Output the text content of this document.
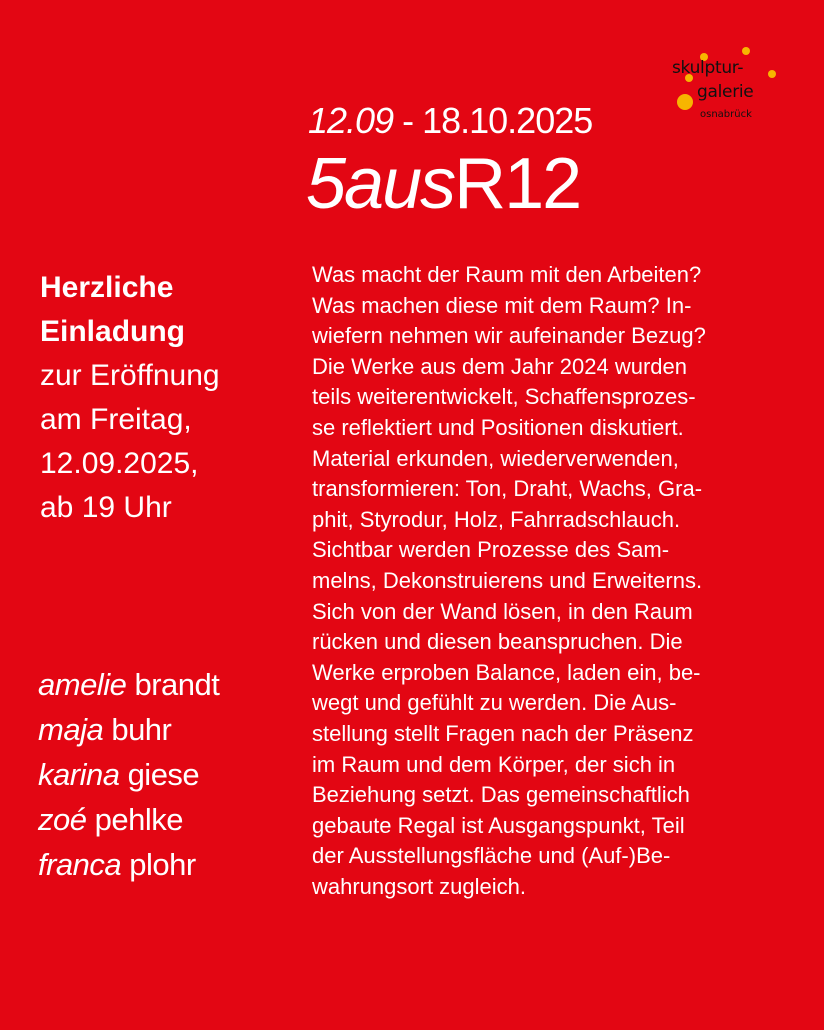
skulptur-
galerie
osnabrück
12.09 - 18.10.2025
5ausR12
Herzliche
Einladung
zur Eröffnung
am Freitag,
12.09.2025,
ab 19 Uhr
amelie brandt
maja buhr
karina giese
zoé pehlke
franca plohr
Was macht der Raum mit den Arbeiten?
Was machen diese mit dem Raum? In-
wiefern nehmen wir aufeinander Bezug?
Die Werke aus dem Jahr 2024 wurden
teils weiterentwickelt, Schaffensprozes-
se reflektiert und Positionen diskutiert.
Material erkunden, wiederverwenden,
transformieren: Ton, Draht, Wachs, Gra-
phit, Styrodur, Holz, Fahrradschlauch.
Sichtbar werden Prozesse des Sam-
melns, Dekonstruierens und Erweiterns.
Sich von der Wand lösen, in den Raum
rücken und diesen beanspruchen. Die
Werke erproben Balance, laden ein, be-
wegt und gefühlt zu werden. Die Aus-
stellung stellt Fragen nach der Präsenz
im Raum und dem Körper, der sich in
Beziehung setzt. Das gemeinschaftlich
gebaute Regal ist Ausgangspunkt, Teil
der Ausstellungsfläche und (Auf-)Be-
wahrungsort zugleich.
